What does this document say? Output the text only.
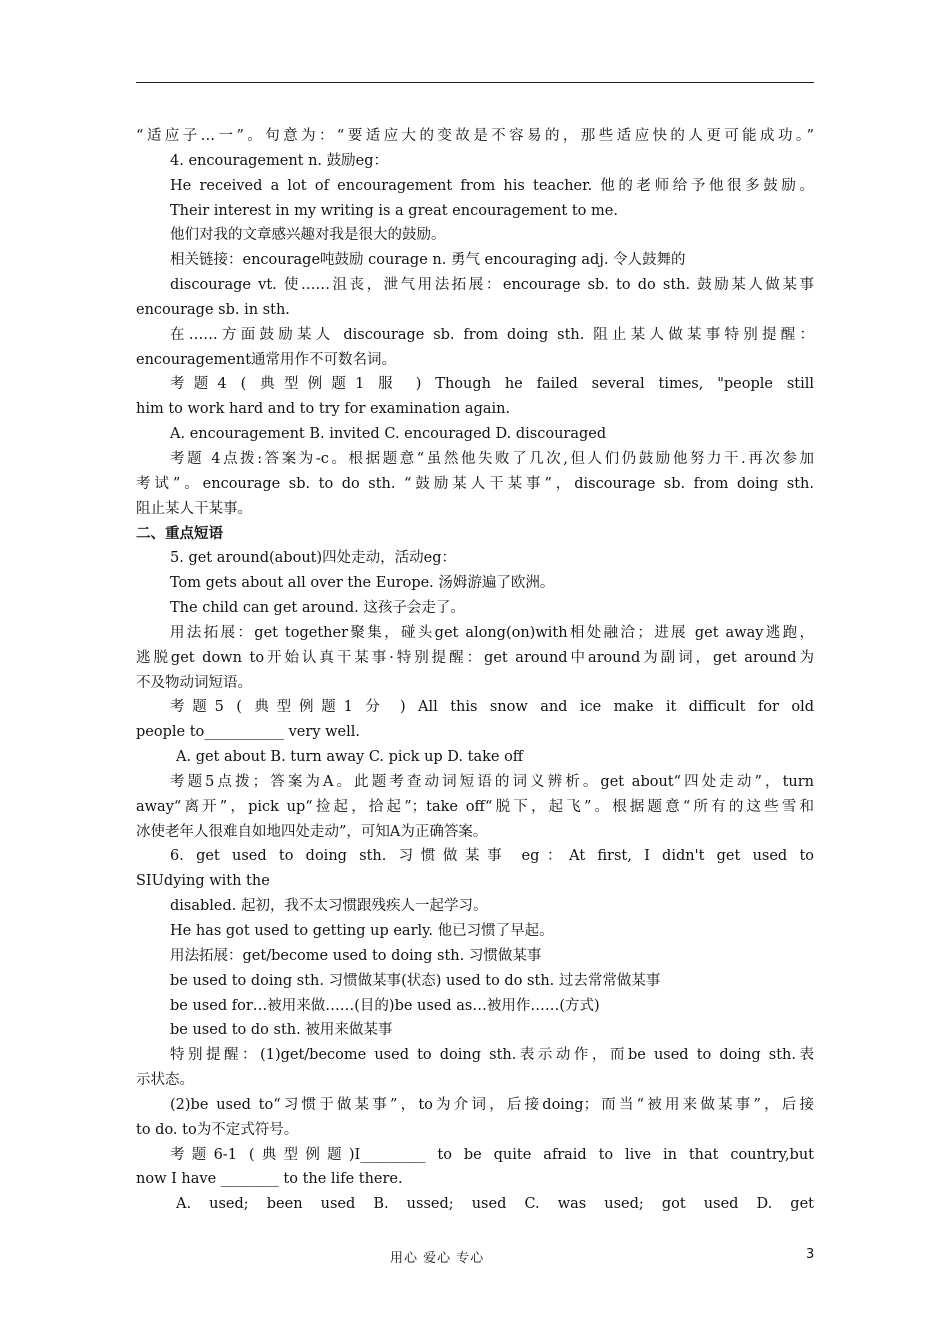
“适应子…一”。句意为：“要适应大的变故是不容易的，那些适应快的人更可能成功。”
4. encouragement n. 鼓励eg：
He received a lot of encouragement from his teacher. 他的老师给予他很多鼓励。
Their interest in my writing is a great encouragement to me.
他们对我的文章感兴趣对我是很大的鼓励。
相关链接：encourage吨鼓励 courage n. 勇气 encouraging adj. 令人鼓舞的
discourage vt. 使……沮丧，泄气用法拓展：encourage sb. to do sth. 鼓励某人做某事
encourage sb. in sth.
在……方面鼓励某人 discourage sb. from doing sth. 阻止某人做某事特别提醒：
encouragement通常用作不可数名词。
考题4 ( 典型例题1 服 ) Though he failed several times, "people still
him to work hard and to try for examination again.
A. encouragement B. invited C. encouraged D. discouraged
考题 4点拨:答案为-c。根据题意“虽然他失败了几次,但人们仍鼓励他努力干.再次参加
考试”。encourage sb. to do sth. “鼓励某人干某事”，discourage sb. from doing sth.
阻止某人干某事。
二、重点短语
5. get around(about)四处走动，活动eg：
Tom gets about all over the Europe. 汤姆游遍了欧洲。
The child can get around. 这孩子会走了。
用法拓展：get together聚集，碰头get along(on)with相处融洽；进展 get away逃跑，
逃脱get down to开始认真干某事·特别提醒：get around中around为副词，get around为
不及物动词短语。
考题5 ( 典型例题1 分 ) All this snow and ice make it difficult for old
people to___________ very well.
A. get about B. turn away C. pick up D. take off
考题5点拨；答案为A。此题考查动词短语的词义辨析。get about“四处走动”，turn
away“离开”，pick up“捡起，拾起”；take off“脱下，起飞”。根据题意“所有的这些雪和
冰使老年人很难自如地四处走动”，可知A为正确答案。
6. get used to doing sth. 习惯做某事 eg：At first, I didn't get used to
SIUdying with the
disabled. 起初，我不太习惯跟残疾人一起学习。
He has got used to getting up early. 他已习惯了早起。
用法拓展：get/become used to doing sth. 习惯做某事
be used to doing sth. 习惯做某事(状态) used to do sth. 过去常常做某事
be used for…被用来做……(目的)be used as…被用作……(方式)
be used to do sth. 被用来做某事
特别提醒：(1)get/become used to doing sth.表示动作，而be used to doing sth.表
示状态。
(2)be used to“习惯于做某事”，to为介词，后接doing；而当“被用来做某事”，后接
to do. to为不定式符号。
考题6-1 (典型例题)I_________ to be quite afraid to live in that country,but
now I have ________ to the life there.
A. used; been used B. ussed; used C. was used; got used D. get
用心 爱心 专心	3
